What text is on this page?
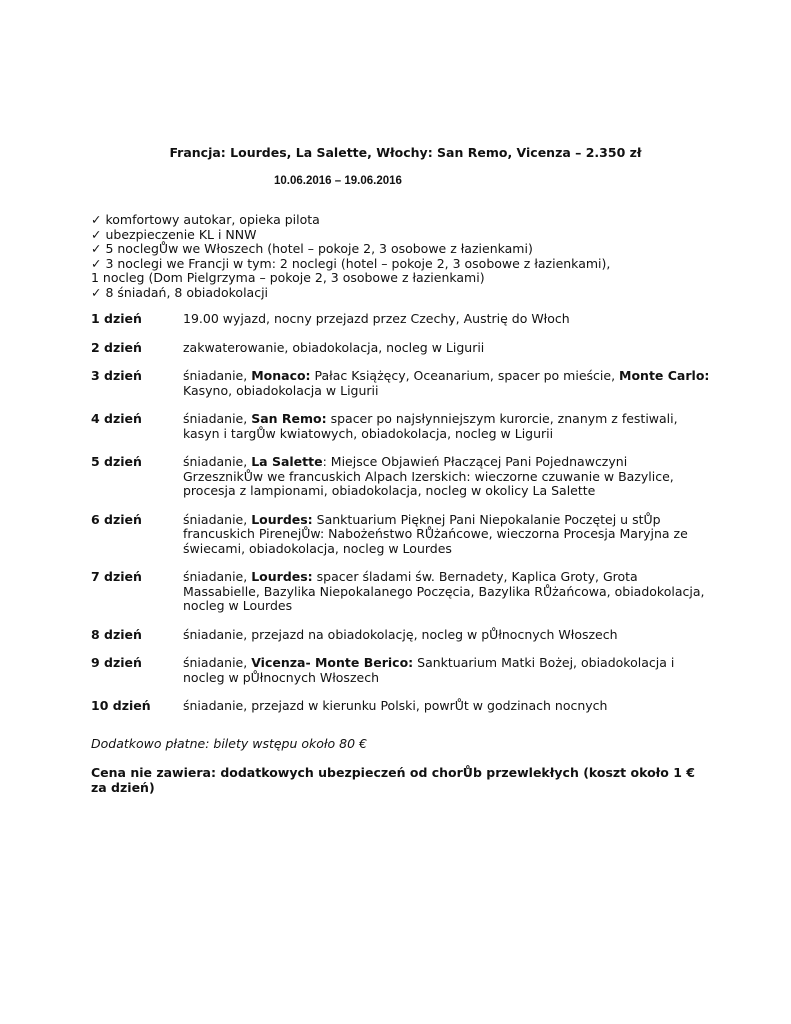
Francja: Lourdes, La Salette, Włochy: San Remo, Vicenza – 2.350 zł
10.06.2016 – 19.06.2016
✓ komfortowy autokar, opieka pilota
✓ ubezpieczenie KL i NNW
✓ 5 noclegŮw we Włoszech (hotel – pokoje 2, 3 osobowe z łazienkami)
✓ 3 noclegi we Francji w tym: 2 noclegi (hotel – pokoje 2, 3 osobowe z łazienkami),
1 nocleg (Dom Pielgrzyma – pokoje 2, 3 osobowe z łazienkami)
✓ 8 śniadań, 8 obiadokolacji
1 dzień	19.00 wyjazd, nocny przejazd przez Czechy, Austrię do Włoch
2 dzień	zakwaterowanie, obiadokolacja, nocleg w Ligurii
3 dzień	śniadanie, Monaco: Pałac Książęcy, Oceanarium, spacer po mieście, Monte Carlo: Kasyno, obiadokolacja w Ligurii
4 dzień	śniadanie, San Remo: spacer po najsłynniejszym kurorcie, znanym z festiwali, kasyn i targŮw kwiatowych, obiadokolacja, nocleg w Ligurii
5 dzień	śniadanie, La Salette: Miejsce Objawień Płaczącej Pani Pojednawczyni GrzesznikŮw we francuskich Alpach Izerskich: wieczorne czuwanie w Bazylice, procesja z lampionami, obiadokolacja, nocleg w okolicy La Salette
6 dzień	śniadanie, Lourdes: Sanktuarium Pięknej Pani Niepokalanie Poczętej u stŮp francuskich PirenejŮw: Nabożeństwo RŮżańcowe, wieczorna Procesja Maryjna ze świecami, obiadokolacja, nocleg w Lourdes
7 dzień	śniadanie, Lourdes: spacer śladami św. Bernadety, Kaplica Groty, Grota Massabielle, Bazylika Niepokalanego Poczęcia, Bazylika RŮżańcowa, obiadokolacja, nocleg w Lourdes
8 dzień	śniadanie, przejazd na obiadokolację, nocleg w pŮłnocnych Włoszech
9 dzień	śniadanie, Vicenza- Monte Berico: Sanktuarium Matki Bożej, obiadokolacja i nocleg w pŮłnocnych Włoszech
10 dzień	śniadanie, przejazd w kierunku Polski, powrŮt w godzinach nocnych
Dodatkowo płatne: bilety wstępu około 80 €
Cena nie zawiera: dodatkowych ubezpieczeń od chorŮb przewlekłych (koszt około 1 € za dzień)
